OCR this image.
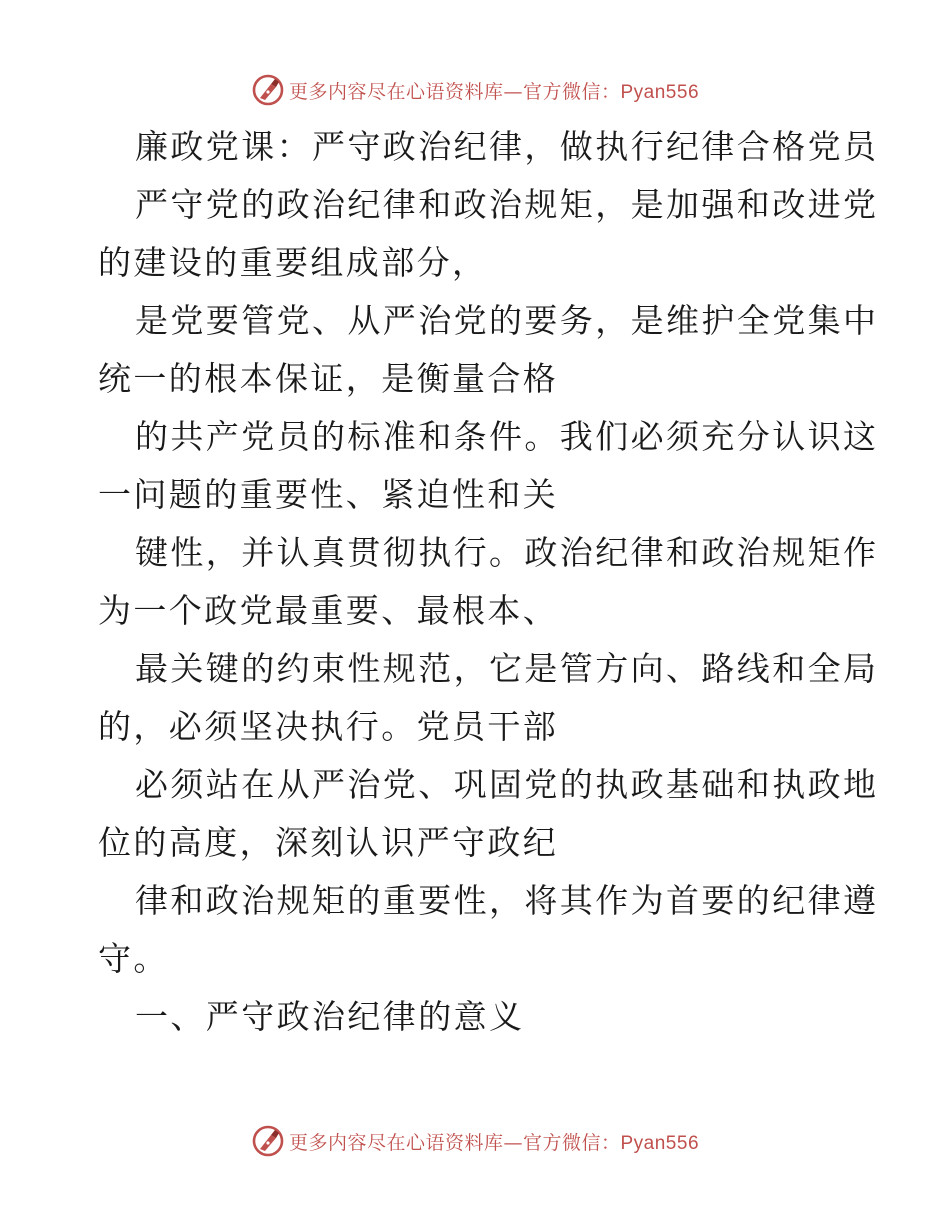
更多内容尽在心语资料库—官方微信：Pyan556
廉政党课：严守政治纪律，做执行纪律合格党员
严守党的政治纪律和政治规矩，是加强和改进党
的建设的重要组成部分，
是党要管党、从严治党的要务，是维护全党集中
统一的根本保证，是衡量合格
的共产党员的标准和条件。我们必须充分认识这
一问题的重要性、紧迫性和关
键性，并认真贯彻执行。政治纪律和政治规矩作
为一个政党最重要、最根本、
最关键的约束性规范，它是管方向、路线和全局
的，必须坚决执行。党员干部
必须站在从严治党、巩固党的执政基础和执政地
位的高度，深刻认识严守政纪
律和政治规矩的重要性，将其作为首要的纪律遵
守。
一、严守政治纪律的意义
更多内容尽在心语资料库—官方微信：Pyan556
